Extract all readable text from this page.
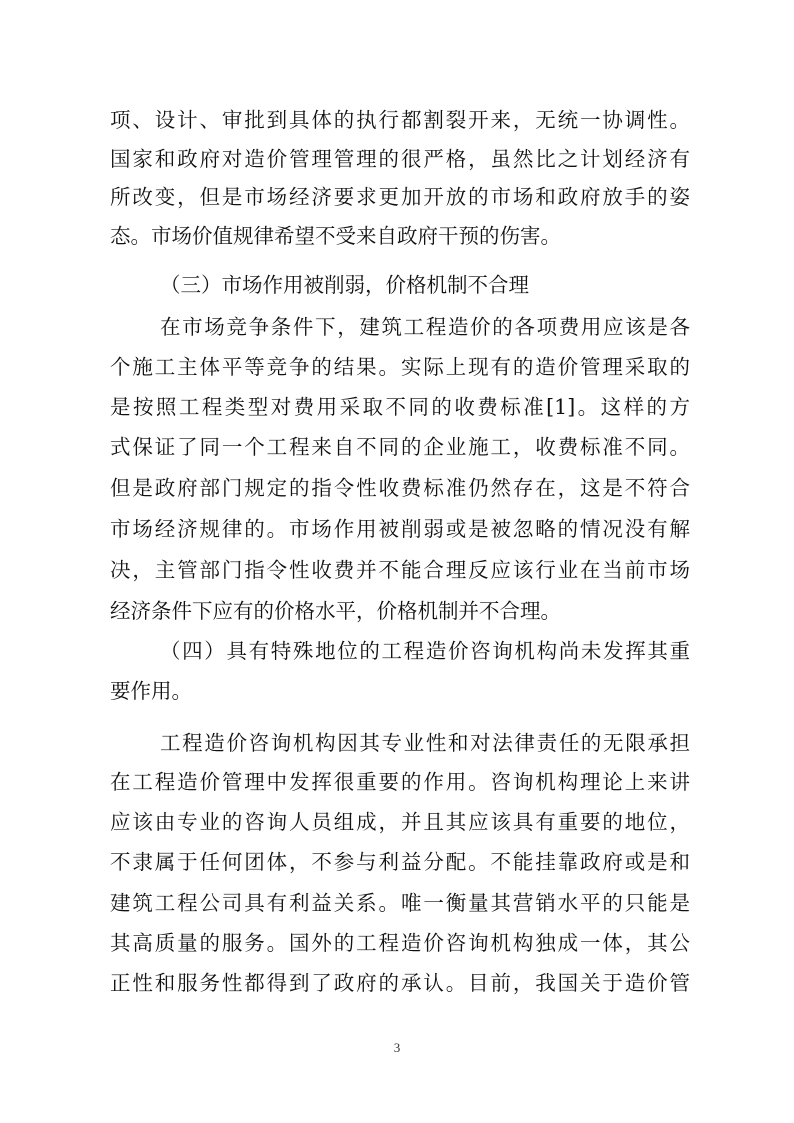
项、设计、审批到具体的执行都割裂开来，无统一协调性。
国家和政府对造价管理管理的很严格，虽然比之计划经济有
所改变，但是市场经济要求更加开放的市场和政府放手的姿
态。市场价值规律希望不受来自政府干预的伤害。
（三）市场作用被削弱，价格机制不合理
在市场竞争条件下，建筑工程造价的各项费用应该是各
个施工主体平等竞争的结果。实际上现有的造价管理采取的
是按照工程类型对费用采取不同的收费标准[1]。这样的方
式保证了同一个工程来自不同的企业施工，收费标准不同。
但是政府部门规定的指令性收费标准仍然存在，这是不符合
市场经济规律的。市场作用被削弱或是被忽略的情况没有解
决，主管部门指令性收费并不能合理反应该行业在当前市场
经济条件下应有的价格水平，价格机制并不合理。
（四）具有特殊地位的工程造价咨询机构尚未发挥其重
要作用。
工程造价咨询机构因其专业性和对法律责任的无限承担
在工程造价管理中发挥很重要的作用。咨询机构理论上来讲
应该由专业的咨询人员组成，并且其应该具有重要的地位，
不隶属于任何团体，不参与利益分配。不能挂靠政府或是和
建筑工程公司具有利益关系。唯一衡量其营销水平的只能是
其高质量的服务。国外的工程造价咨询机构独成一体，其公
正性和服务性都得到了政府的承认。目前，我国关于造价管
3
